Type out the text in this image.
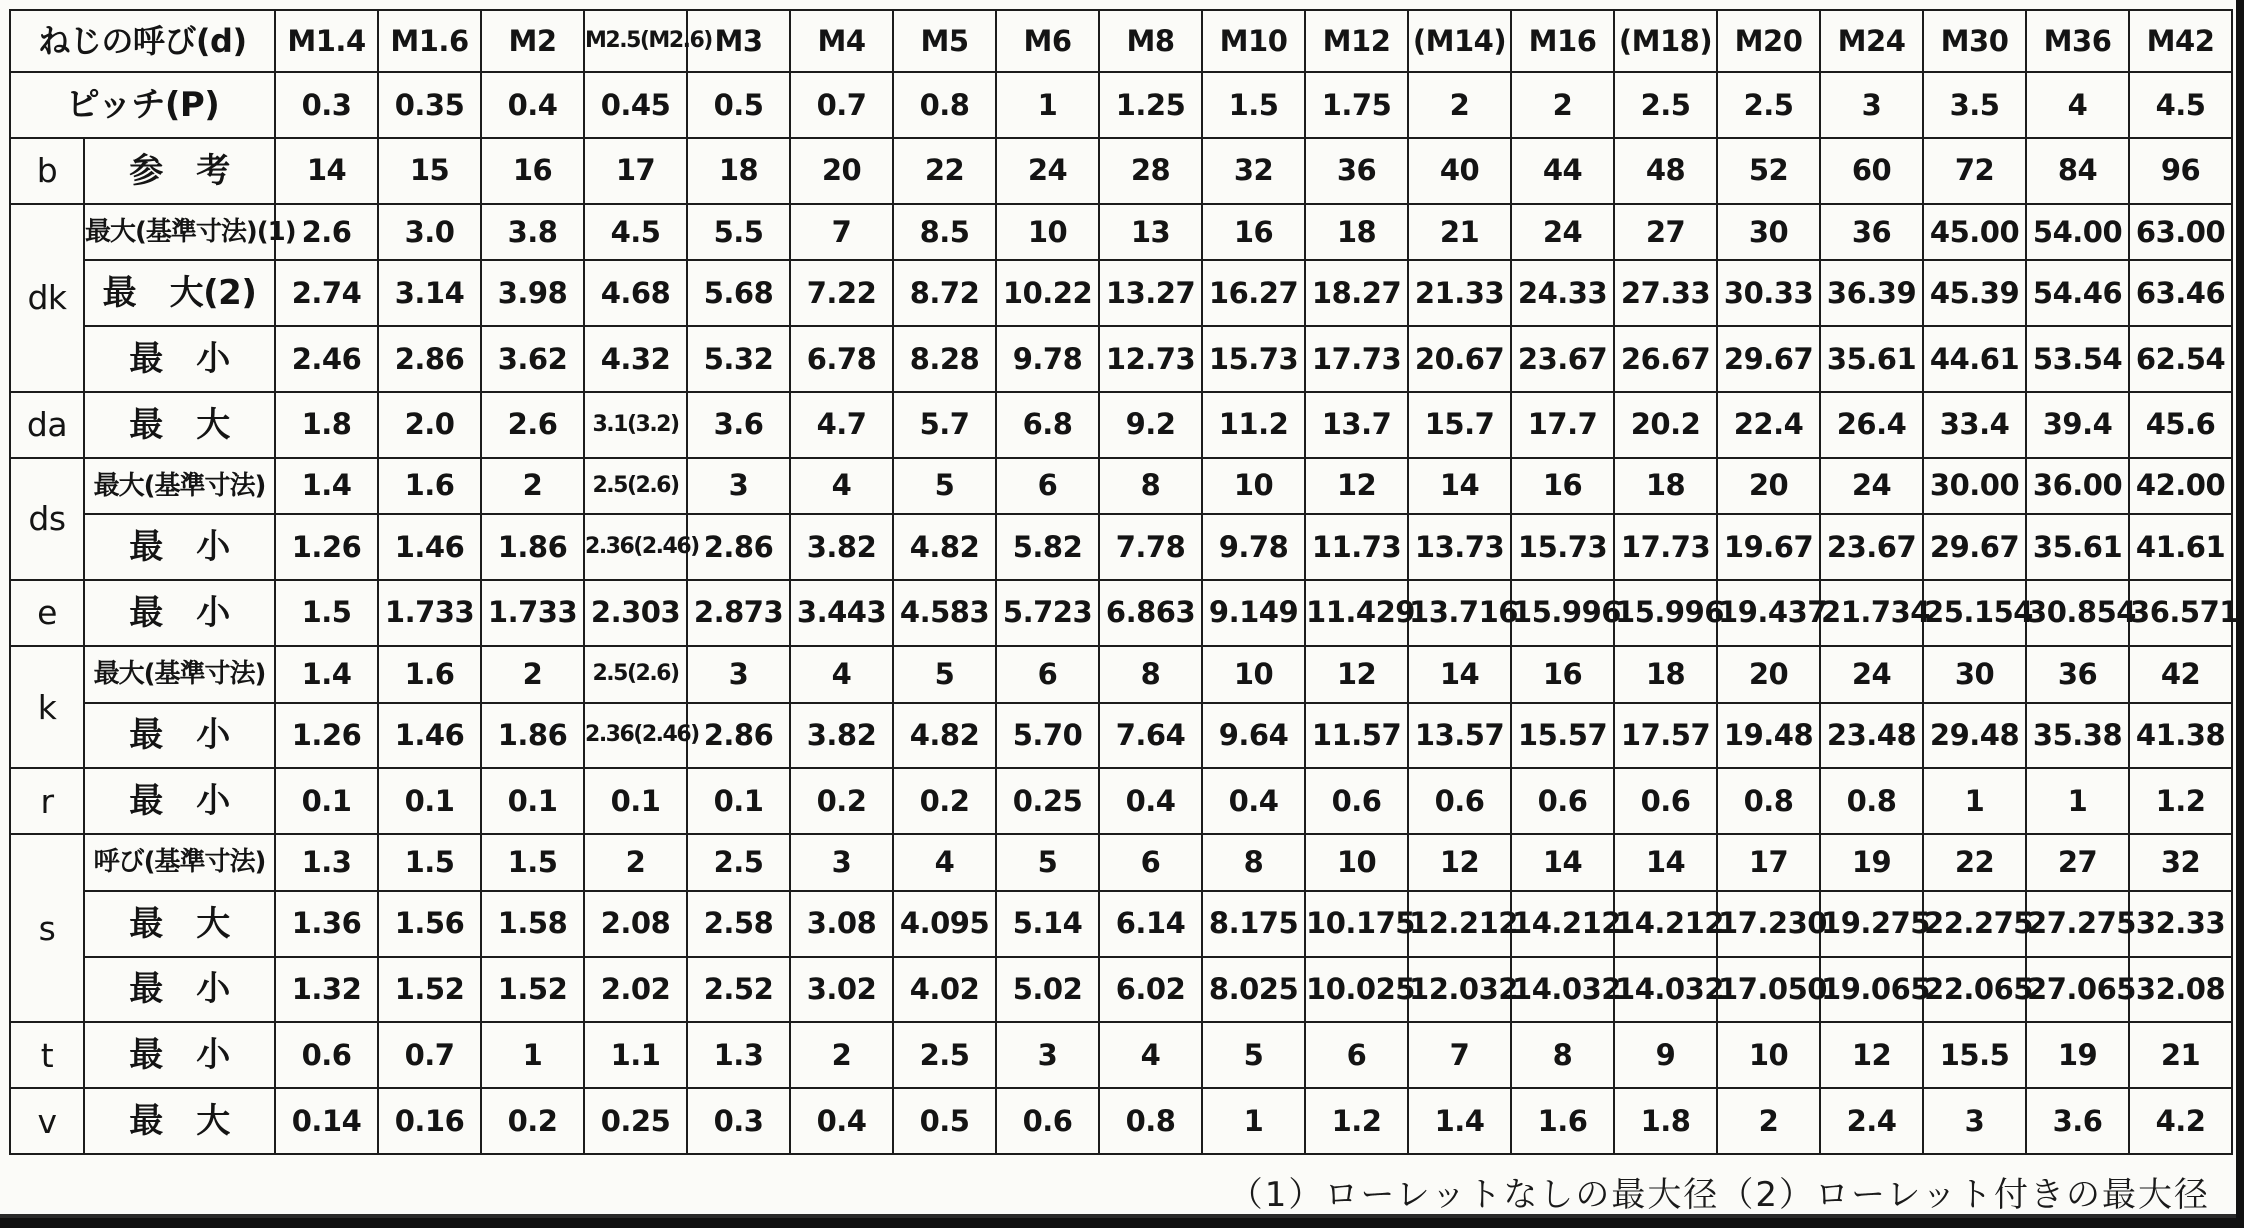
ねじの呼び(d)		M1.4	M1.6	M2	M2.5(M2.6)	M3	M4	M5	M6	M8	M10	M12	(M14)	M16	(M18)	M20	M24	M30	M36	M42
ピッチ(P)		0.3	0.35	0.4	0.45	0.5	0.7	0.8	1	1.25	1.5	1.75	2	2	2.5	2.5	3	3.5	4	4.5
b	参　考	14	15	16	17	18	20	22	24	28	32	36	40	44	48	52	60	72	84	96
dk	最大(基準寸法)(1)	2.6	3.0	3.8	4.5	5.5	7	8.5	10	13	16	18	21	24	27	30	36	45.00	54.00	63.00
	最　大(2)	2.74	3.14	3.98	4.68	5.68	7.22	8.72	10.22	13.27	16.27	18.27	21.33	24.33	27.33	30.33	36.39	45.39	54.46	63.46
	最　小	2.46	2.86	3.62	4.32	5.32	6.78	8.28	9.78	12.73	15.73	17.73	20.67	23.67	26.67	29.67	35.61	44.61	53.54	62.54
da	最　大	1.8	2.0	2.6	3.1(3.2)	3.6	4.7	5.7	6.8	9.2	11.2	13.7	15.7	17.7	20.2	22.4	26.4	33.4	39.4	45.6
ds	最大(基準寸法)	1.4	1.6	2	2.5(2.6)	3	4	5	6	8	10	12	14	16	18	20	24	30.00	36.00	42.00
	最　小	1.26	1.46	1.86	2.36(2.46)	2.86	3.82	4.82	5.82	7.78	9.78	11.73	13.73	15.73	17.73	19.67	23.67	29.67	35.61	41.61
e	最　小	1.5	1.733	1.733	2.303	2.873	3.443	4.583	5.723	6.863	9.149	11.429	13.716	15.996	15.996	19.437	21.734	25.154	30.854	36.571
k	最大(基準寸法)	1.4	1.6	2	2.5(2.6)	3	4	5	6	8	10	12	14	16	18	20	24	30	36	42
	最　小	1.26	1.46	1.86	2.36(2.46)	2.86	3.82	4.82	5.70	7.64	9.64	11.57	13.57	15.57	17.57	19.48	23.48	29.48	35.38	41.38
r	最　小	0.1	0.1	0.1	0.1	0.1	0.2	0.2	0.25	0.4	0.4	0.6	0.6	0.6	0.6	0.8	0.8	1	1	1.2
s	呼び(基準寸法)	1.3	1.5	1.5	2	2.5	3	4	5	6	8	10	12	14	14	17	19	22	27	32
	最　大	1.36	1.56	1.58	2.08	2.58	3.08	4.095	5.14	6.14	8.175	10.175	12.212	14.212	14.212	17.230	19.275	22.275	27.275	32.33
	最　小	1.32	1.52	1.52	2.02	2.52	3.02	4.02	5.02	6.02	8.025	10.025	12.032	14.032	14.032	17.050	19.065	22.065	27.065	32.08
t	最　小	0.6	0.7	1	1.1	1.3	2	2.5	3	4	5	6	7	8	9	10	12	15.5	19	21
v	最　大	0.14	0.16	0.2	0.25	0.3	0.4	0.5	0.6	0.8	1	1.2	1.4	1.6	1.8	2	2.4	3	3.6	4.2
（1）ローレットなしの最大径（2）ローレット付きの最大径
